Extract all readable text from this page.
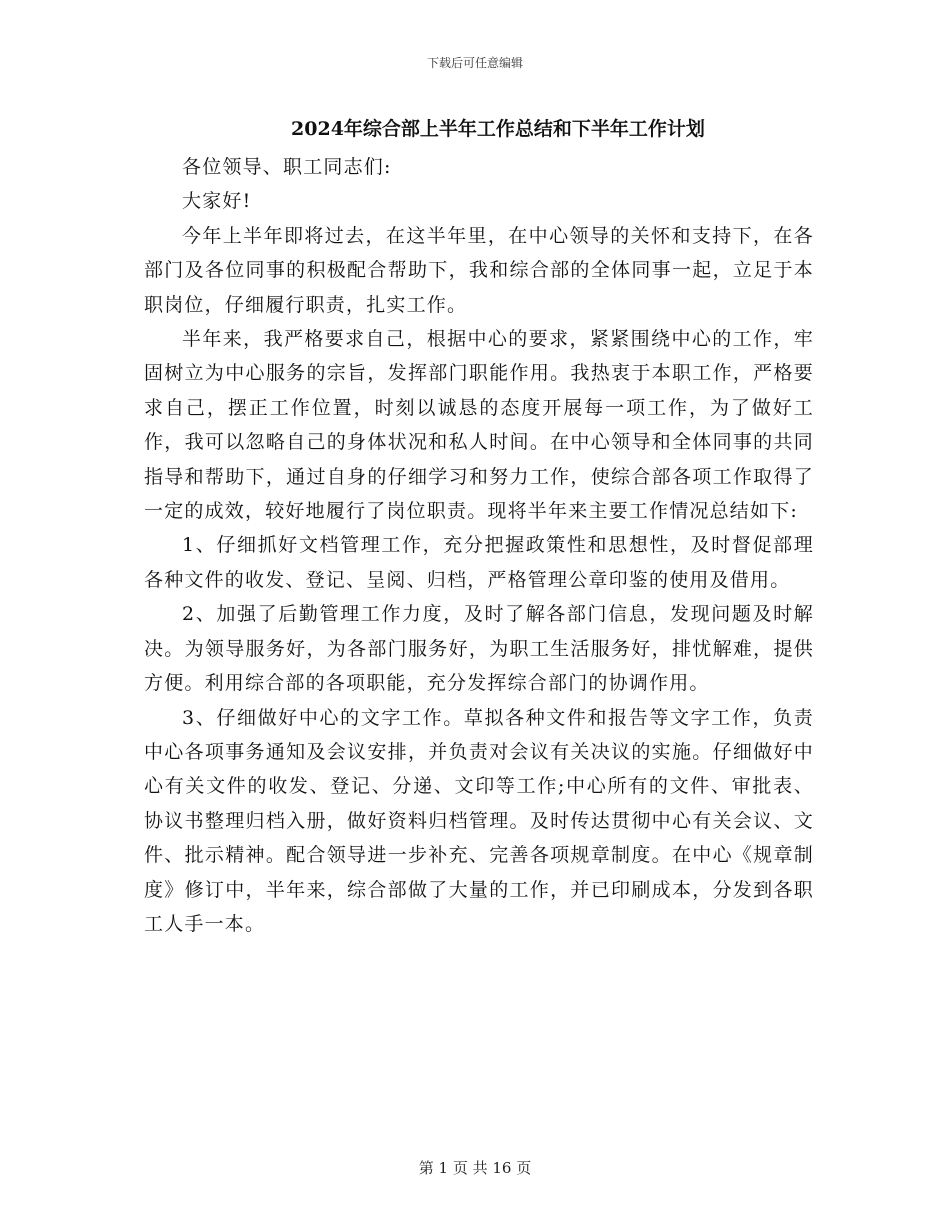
下载后可任意编辑
2024年综合部上半年工作总结和下半年工作计划

各位领导、职工同志们:

大家好!

今年上半年即将过去，在这半年里，在中心领导的关怀和支持下，在各部门及各位同事的积极配合帮助下，我和综合部的全体同事一起，立足于本职岗位，仔细履行职责，扎实工作。

半年来，我严格要求自己，根据中心的要求，紧紧围绕中心的工作，牢固树立为中心服务的宗旨，发挥部门职能作用。我热衷于本职工作，严格要求自己，摆正工作位置，时刻以诚恳的态度开展每一项工作，为了做好工作，我可以忽略自己的身体状况和私人时间。在中心领导和全体同事的共同指导和帮助下，通过自身的仔细学习和努力工作，使综合部各项工作取得了一定的成效，较好地履行了岗位职责。现将半年来主要工作情况总结如下:

1、仔细抓好文档管理工作，充分把握政策性和思想性，及时督促部理各种文件的收发、登记、呈阅、归档，严格管理公章印鉴的使用及借用。

2、加强了后勤管理工作力度，及时了解各部门信息，发现问题及时解决。为领导服务好，为各部门服务好，为职工生活服务好，排忧解难，提供方便。利用综合部的各项职能，充分发挥综合部门的协调作用。

3、仔细做好中心的文字工作。草拟各种文件和报告等文字工作，负责中心各项事务通知及会议安排，并负责对会议有关决议的实施。仔细做好中心有关文件的收发、登记、分递、文印等工作;中心所有的文件、审批表、协议书整理归档入册，做好资料归档管理。及时传达贯彻中心有关会议、文件、批示精神。配合领导进一步补充、完善各项规章制度。在中心《规章制度》修订中，半年来，综合部做了大量的工作，并已印刷成本，分发到各职工人手一本。

第 1 页 共 16 页
